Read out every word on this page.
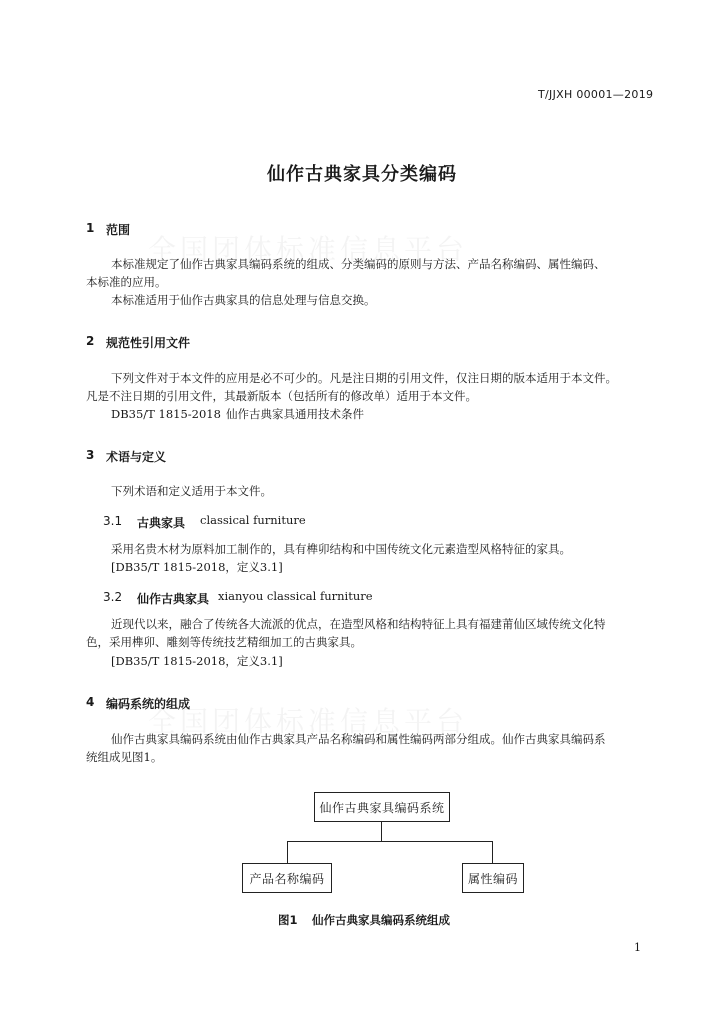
T/JJXH 00001—2019
仙作古典家具分类编码
1 范围
本标准规定了仙作古典家具编码系统的组成、分类编码的原则与方法、产品名称编码、属性编码、
本标准的应用。
本标准适用于仙作古典家具的信息处理与信息交换。
2 规范性引用文件
下列文件对于本文件的应用是必不可少的。凡是注日期的引用文件，仅注日期的版本适用于本文件。
凡是不注日期的引用文件，其最新版本（包括所有的修改单）适用于本文件。
DB35/T 1815-2018 仙作古典家具通用技术条件
3 术语与定义
下列术语和定义适用于本文件。
3.1 古典家具 classical furniture
采用名贵木材为原料加工制作的，具有榫卯结构和中国传统文化元素造型风格特征的家具。
[DB35/T 1815-2018，定义3.1]
3.2 仙作古典家具 xianyou classical furniture
近现代以来，融合了传统各大流派的优点，在造型风格和结构特征上具有福建莆仙区域传统文化特
色，采用榫卯、雕刻等传统技艺精细加工的古典家具。
[DB35/T 1815-2018，定义3.1]
4 编码系统的组成
仙作古典家具编码系统由仙作古典家具产品名称编码和属性编码两部分组成。仙作古典家具编码系
统组成见图1。
仙作古典家具编码系统
产品名称编码	属性编码
图1 仙作古典家具编码系统组成
1
